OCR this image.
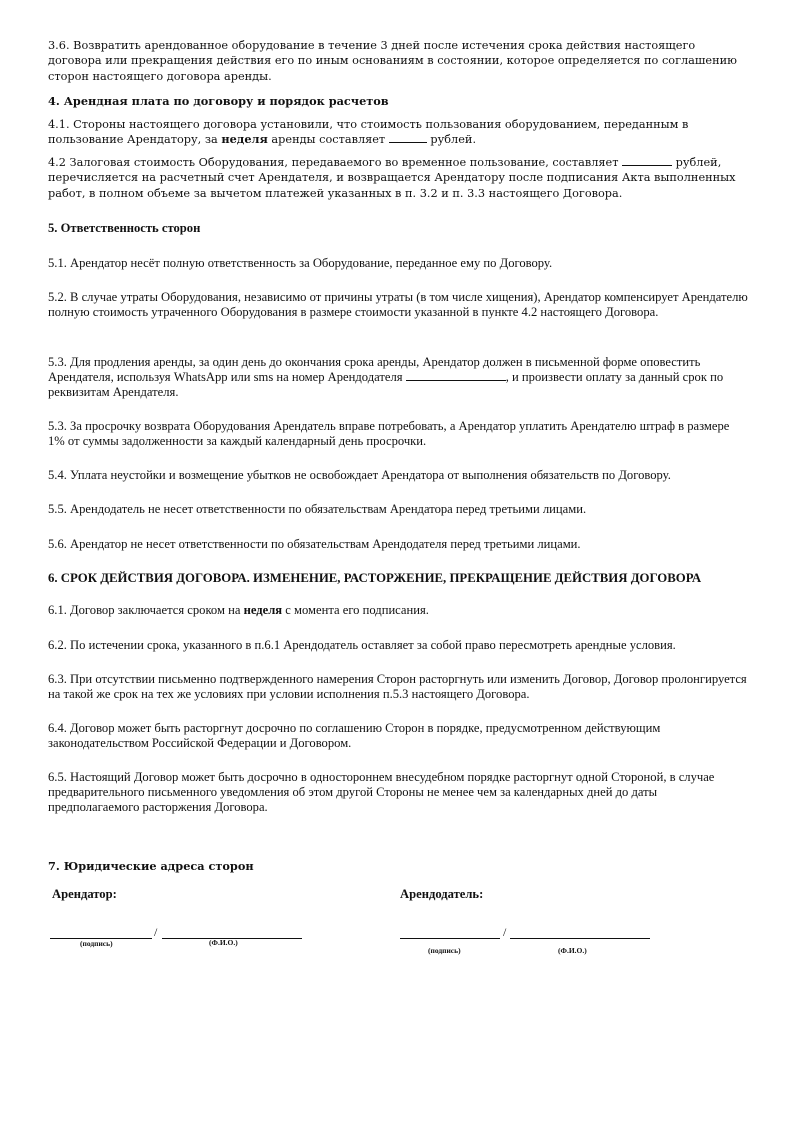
3.6. Возвратить арендованное оборудование в течение 3 дней после истечения срока действия настоящего договора или прекращения действия его по иным основаниям в состоянии, которое определяется по соглашению сторон настоящего договора аренды.

4. Арендная плата по договору и порядок расчетов

4.1. Стороны настоящего договора установили, что стоимость пользования оборудованием, переданным в пользование Арендатору, за неделя аренды составляет	рублей.

4.2 Залоговая стоимость Оборудования, передаваемого во временное пользование, составляет	рублей, перечисляется на расчетный счет Арендателя, и возвращается Арендатору после подписания Акта выполненных работ, в полном объеме за вычетом платежей указанных в п. 3.2 и п. 3.3 настоящего Договора.

5. Ответственность сторон

5.1. Арендатор несёт полную ответственность за Оборудование, переданное ему по Договору.

5.2. В случае утраты Оборудования, независимо от причины утраты (в том числе хищения), Арендатор компенсирует Арендателю полную стоимость утраченного Оборудования в размере стоимости указанной в пункте 4.2 настоящего Договора.

5.3. Для продления аренды, за один день до окончания срока аренды, Арендатор должен в письменной форме оповестить Арендателя, используя WhatsApp или sms на номер Арендодателя	, и произвести оплату за данный срок по реквизитам Арендателя.

5.3. За просрочку возврата Оборудования Арендатель вправе потребовать, а Арендатор уплатить Арендателю штраф в размере 1% от суммы задолженности за каждый календарный день просрочки.

5.4. Уплата неустойки и возмещение убытков не освобождает Арендатора от выполнения обязательств по Договору.

5.5. Арендодатель не несет ответственности по обязательствам Арендатора перед третьими лицами.

5.6. Арендатор не несет ответственности по обязательствам Арендодателя перед третьими лицами.

6. СРОК ДЕЙСТВИЯ ДОГОВОРА. ИЗМЕНЕНИЕ, РАСТОРЖЕНИЕ, ПРЕКРАЩЕНИЕ ДЕЙСТВИЯ ДОГОВОРА

6.1. Договор заключается сроком на неделя с момента его подписания.

6.2. По истечении срока, указанного в п.6.1 Арендодатель оставляет за собой право пересмотреть арендные условия.

6.3. При отсутствии письменно подтвержденного намерения Сторон расторгнуть или изменить Договор, Договор пролонгируется на такой же срок на тех же условиях при условии исполнения п.5.3 настоящего Договора.

6.4. Договор может быть расторгнут досрочно по соглашению Сторон в порядке, предусмотренном действующим законодательством Российской Федерации и Договором.

6.5. Настоящий Договор может быть досрочно в одностороннем внесудебном порядке расторгнут одной Стороной, в случае предварительного письменного уведомления об этом другой Стороны не менее чем за календарных дней до даты предполагаемого расторжения Договора.

7. Юридические адреса сторон

Арендатор:	Арендодатель:
/
(подпись)	(Ф.И.О.)
/
(подпись)	(Ф.И.О.)
